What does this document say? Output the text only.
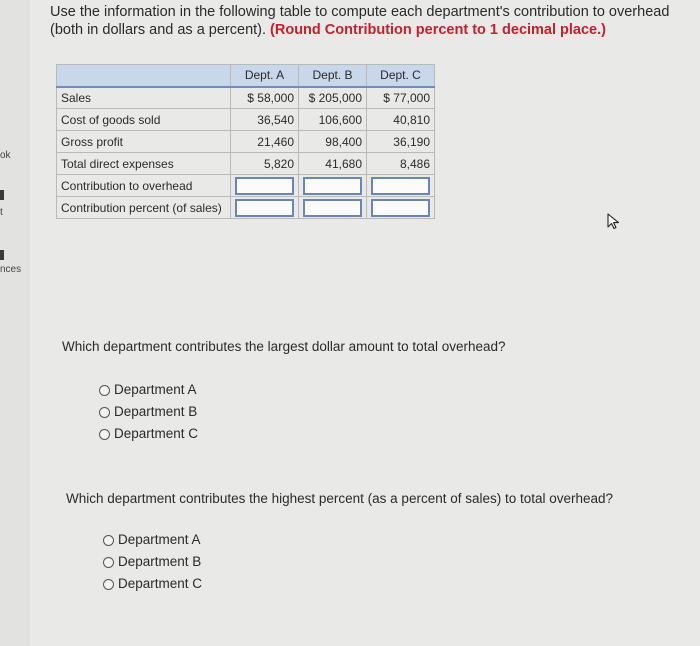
ok
t
nces
Use the information in the following table to compute each department's contribution to overhead (both in dollars and as a percent). (Round Contribution percent to 1 decimal place.)
	Dept. A	Dept. B	Dept. C
Sales	$ 58,000	$ 205,000	$ 77,000
Cost of goods sold	36,540	106,600	40,810
Gross profit	21,460	98,400	36,190
Total direct expenses	5,820	41,680	8,486
Contribution to overhead	

Contribution percent (of sales)	

Which department contributes the largest dollar amount to total overhead?
Department A
Department B
Department C
Which department contributes the highest percent (as a percent of sales) to total overhead?
Department A
Department B
Department C
